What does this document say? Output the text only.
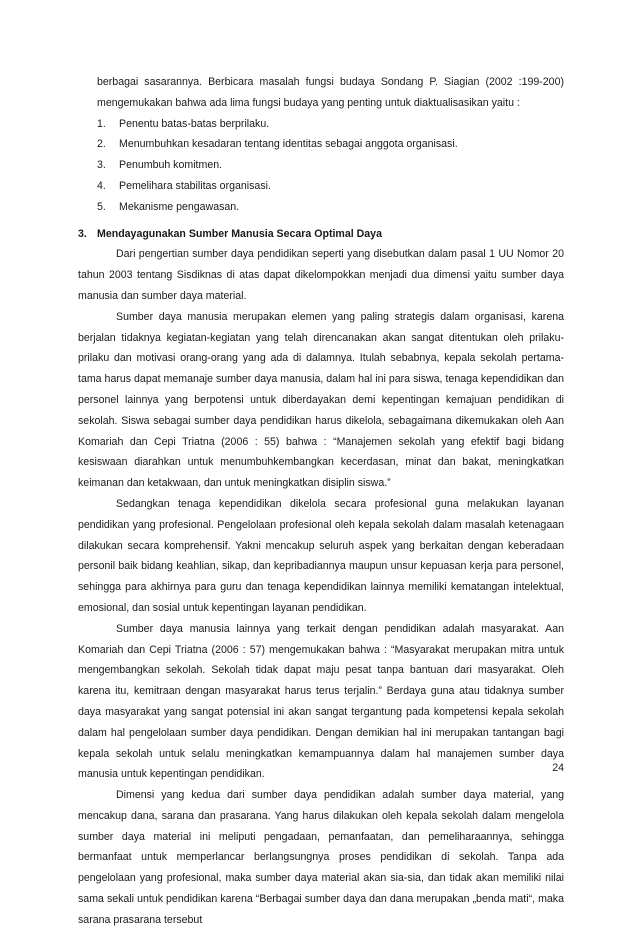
berbagai sasarannya. Berbicara masalah fungsi budaya Sondang P. Siagian (2002 :199-200) mengemukakan bahwa ada lima fungsi budaya yang penting untuk diaktualisasikan yaitu :
1.	Penentu batas-batas berprilaku.
2.	Menumbuhkan kesadaran tentang identitas sebagai anggota organisasi.
3.	Penumbuh komitmen.
4.	Pemelihara stabilitas organisasi.
5.	Mekanisme pengawasan.
3. Mendayagunakan Sumber Manusia Secara Optimal Daya

Dari pengertian sumber daya pendidikan seperti yang disebutkan dalam pasal 1 UU Nomor 20 tahun 2003 tentang Sisdiknas di atas dapat dikelompokkan menjadi dua dimensi yaitu sumber daya manusia dan sumber daya material.

Sumber daya manusia merupakan elemen yang paling strategis dalam organisasi, karena berjalan tidaknya kegiatan-kegiatan yang telah direncanakan akan sangat ditentukan oleh prilaku-prilaku dan motivasi orang-orang yang ada di dalamnya. Itulah sebabnya, kepala sekolah pertama-tama harus dapat memanaje sumber daya manusia, dalam hal ini para siswa, tenaga kependidikan dan personel lainnya yang berpotensi untuk diberdayakan demi kepentingan kemajuan pendidikan di sekolah. Siswa sebagai sumber daya pendidikan harus dikelola, sebagaimana dikemukakan oleh Aan Komariah dan Cepi Triatna (2006 : 55) bahwa : “Manajemen sekolah yang efektif bagi bidang kesiswaan diarahkan untuk menumbuhkembangkan kecerdasan, minat dan bakat, meningkatkan keimanan dan ketakwaan, dan untuk meningkatkan disiplin siswa.”

Sedangkan tenaga kependidikan dikelola secara profesional guna melakukan layanan pendidikan yang profesional. Pengelolaan profesional oleh kepala sekolah dalam masalah ketenagaan dilakukan secara komprehensif. Yakni mencakup seluruh aspek yang berkaitan dengan keberadaan personil baik bidang keahlian, sikap, dan kepribadiannya maupun unsur kepuasan kerja para personel, sehingga para akhirnya para guru dan tenaga kependidikan lainnya memiliki kematangan intelektual, emosional, dan sosial untuk kepentingan layanan pendidikan.

Sumber daya manusia lainnya yang terkait dengan pendidikan adalah masyarakat. Aan Komariah dan Cepi Triatna (2006 : 57) mengemukakan bahwa : “Masyarakat merupakan mitra untuk mengembangkan sekolah. Sekolah tidak dapat maju pesat tanpa bantuan dari masyarakat. Oleh karena itu, kemitraan dengan masyarakat harus terus terjalin.” Berdaya guna atau tidaknya sumber daya masyarakat yang sangat potensial ini akan sangat tergantung pada kompetensi kepala sekolah dalam hal pengelolaan sumber daya pendidikan. Dengan demikian hal ini merupakan tantangan bagi kepala sekolah untuk selalu meningkatkan kemampuannya dalam hal manajemen sumber daya manusia untuk kepentingan pendidikan.

Dimensi yang kedua dari sumber daya pendidikan adalah sumber daya material, yang mencakup dana, sarana dan prasarana. Yang harus dilakukan oleh kepala sekolah dalam mengelola sumber daya material ini meliputi pengadaan, pemanfaatan, dan pemeliharaannya, sehingga bermanfaat untuk memperlancar berlangsungnya proses pendidikan di sekolah. Tanpa ada pengelolaan yang profesional, maka sumber daya material akan sia-sia, dan tidak akan memiliki nilai sama sekali untuk pendidikan karena “Berbagai sumber daya dan dana merupakan „benda mati“, maka sarana prasarana tersebut

24
